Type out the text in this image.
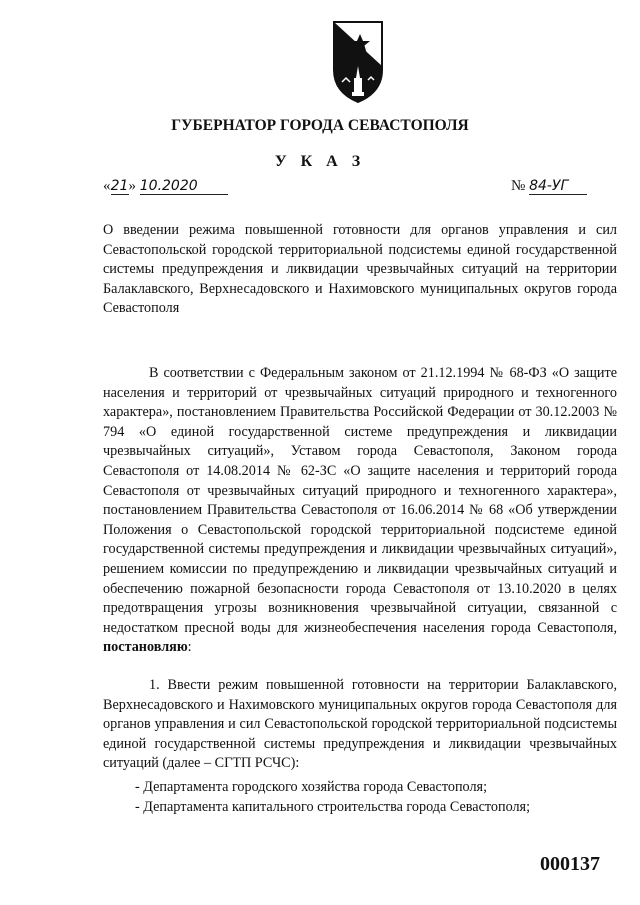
ГУБЕРНАТОР ГОРОДА СЕВАСТОПОЛЯ
У К А З
«21» 10.2020	№ 84-УГ
О введении режима повышенной готовности для органов управления и сил Севастопольской городской территориальной подсистемы единой государственной системы предупреждения и ликвидации чрезвычайных ситуаций на территории Балаклавского, Верхнесадовского и Нахимовского муниципальных округов города Севастополя
В соответствии с Федеральным законом от 21.12.1994 № 68-ФЗ «О защите населения и территорий от чрезвычайных ситуаций природного и техногенного характера», постановлением Правительства Российской Федерации от 30.12.2003 № 794 «О единой государственной системе предупреждения и ликвидации чрезвычайных ситуаций», Уставом города Севастополя, Законом города Севастополя от 14.08.2014 № 62-ЗС «О защите населения и территорий города Севастополя от чрезвычайных ситуаций природного и техногенного характера», постановлением Правительства Севастополя от 16.06.2014 № 68 «Об утверждении Положения о Севастопольской городской территориальной подсистеме единой государственной системы предупреждения и ликвидации чрезвычайных ситуаций», решением комиссии по предупреждению и ликвидации чрезвычайных ситуаций и обеспечению пожарной безопасности города Севастополя от 13.10.2020 в целях предотвращения угрозы возникновения чрезвычайной ситуации, связанной с недостатком пресной воды для жизнеобеспечения населения города Севастополя, постановляю:
1. Ввести режим повышенной готовности на территории Балаклавского, Верхнесадовского и Нахимовского муниципальных округов города Севастополя для органов управления и сил Севастопольской городской территориальной подсистемы единой государственной системы предупреждения и ликвидации чрезвычайных ситуаций (далее – СГТП РСЧС):
- Департамента городского хозяйства города Севастополя;
- Департамента капитального строительства города Севастополя;
000137
